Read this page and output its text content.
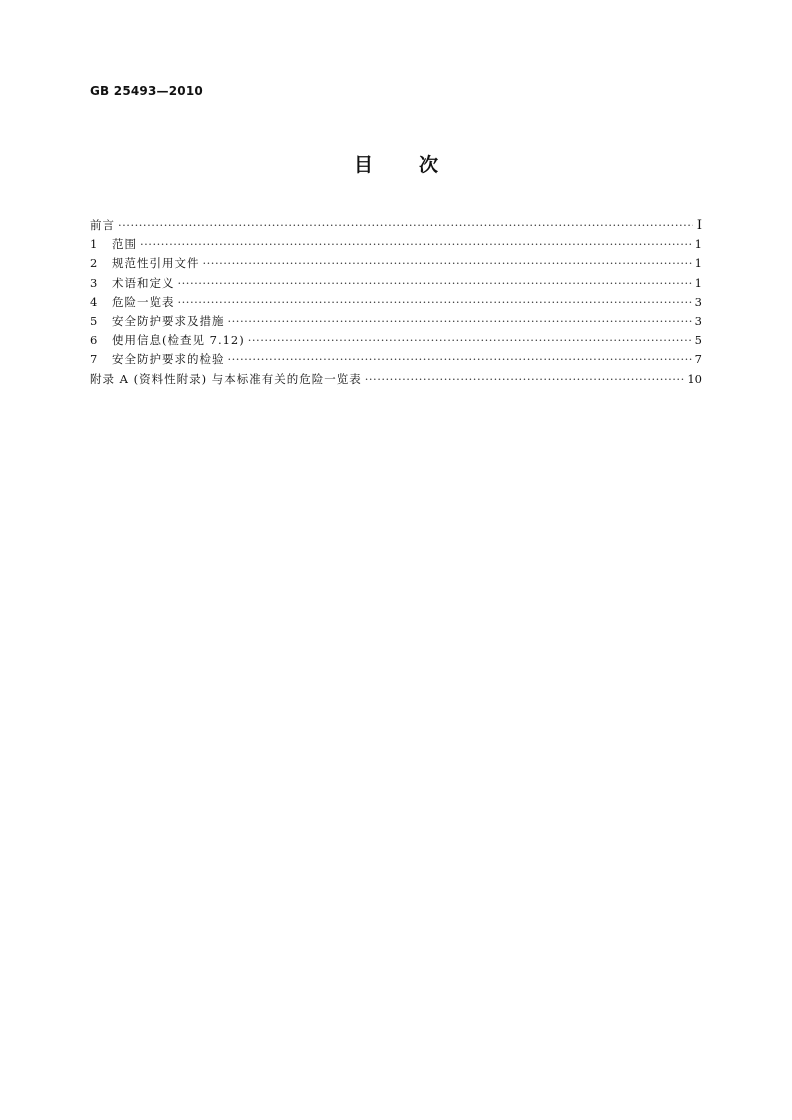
GB 25493—2010
目 次
前言 ·····	Ⅰ
1	范围 ·····	1
2	规范性引用文件 ·····	1
3	术语和定义 ·····	1
4	危险一览表 ·····	3
5	安全防护要求及措施 ·····	3
6	使用信息(检查见 7.12) ·····	5
7	安全防护要求的检验 ·····	7
附录 A (资料性附录) 与本标准有关的危险一览表 ·····	10
